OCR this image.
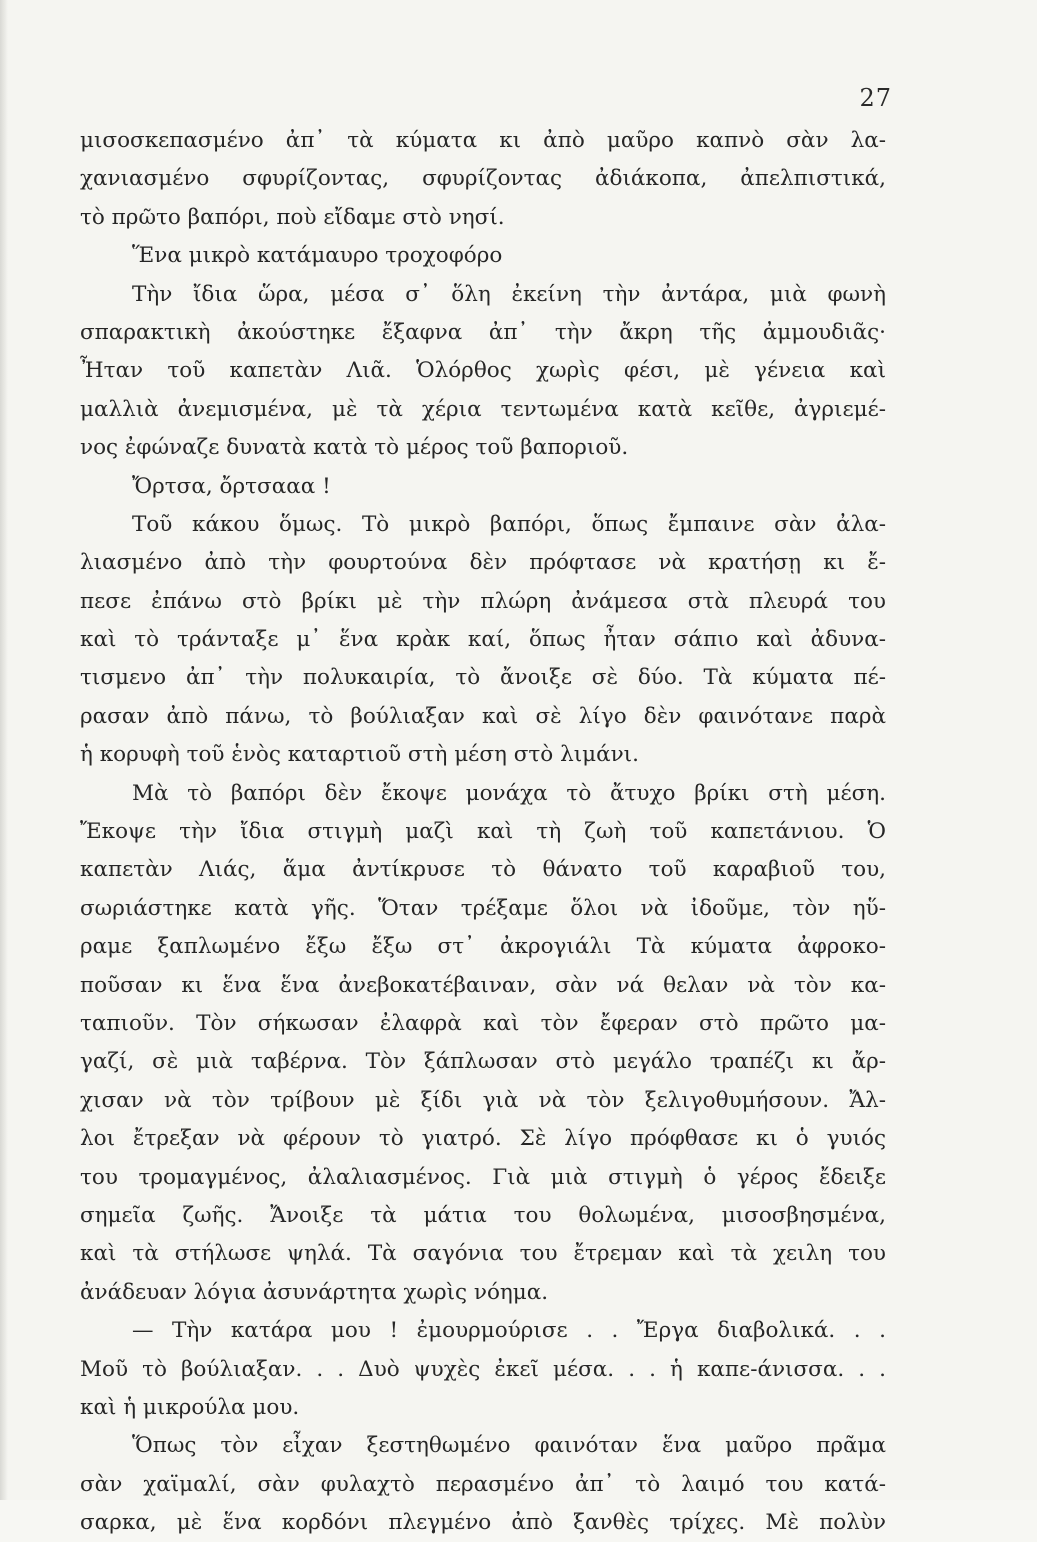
27
μισοσκεπασμένο ἀπ᾽ τὰ κύματα κι ἀπὸ μαῦρο καπνὸ σὰν λα-
χανιασμένο σφυρίζοντας, σφυρίζοντας ἀδιάκοπα, ἀπελπιστικά,
τὸ πρῶτο βαπόρι, ποὺ εἴδαμε στὸ νησί.
Ἕνα μικρὸ κατάμαυρο τροχοφόρο
Τὴν ἴδια ὥρα, μέσα σ᾽ ὅλη ἐκείνη τὴν ἀντάρα, μιὰ φωνὴ
σπαρακτικὴ ἀκούστηκε ἔξαφνα ἀπ᾽ τὴν ἄκρη τῆς ἀμμουδιᾶς·
Ἦταν τοῦ καπετὰν Λιᾶ. Ὁλόρθος χωρὶς φέσι, μὲ γένεια καὶ
μαλλιὰ ἀνεμισμένα, μὲ τὰ χέρια τεντωμένα κατὰ κεῖθε, ἀγριεμέ-
νος ἐφώναζε δυνατὰ κατὰ τὸ μέρος τοῦ βαποριοῦ.
Ὄρτσα, ὄρτσααα !
Τοῦ κάκου ὅμως. Τὸ μικρὸ βαπόρι, ὅπως ἔμπαινε σὰν ἀλα-
λιασμένο ἀπὸ τὴν φουρτούνα δὲν πρόφτασε νὰ κρατήσῃ κι ἔ-
πεσε ἐπάνω στὸ βρίκι μὲ τὴν πλώρη ἀνάμεσα στὰ πλευρά του
καὶ τὸ τράνταξε μ᾽ ἕνα κρὰκ καί, ὅπως ἦταν σάπιο καὶ ἀδυνα-
τισμενο ἀπ᾽ τὴν πολυκαιρία, τὸ ἄνοιξε σὲ δύο. Τὰ κύματα πέ-
ρασαν ἀπὸ πάνω, τὸ βούλιαξαν καὶ σὲ λίγο δὲν φαινότανε παρὰ
ἡ κορυφὴ τοῦ ἑνὸς καταρτιοῦ στὴ μέση στὸ λιμάνι.
Μὰ τὸ βαπόρι δὲν ἔκοψε μονάχα τὸ ἄτυχο βρίκι στὴ μέση.
Ἔκοψε τὴν ἴδια στιγμὴ μαζὶ καὶ τὴ ζωὴ τοῦ καπετάνιου. Ὁ
καπετὰν Λιάς, ἅμα ἀντίκρυσε τὸ θάνατο τοῦ καραβιοῦ του,
σωριάστηκε κατὰ γῆς. Ὅταν τρέξαμε ὅλοι νὰ ἰδοῦμε, τὸν ηὕ-
ραμε ξαπλωμένο ἔξω ἔξω στ᾽ ἀκρογιάλι Τὰ κύματα ἀφροκο-
ποῦσαν κι ἕνα ἕνα ἀνεβοκατέβαιναν, σὰν νά θελαν νὰ τὸν κα-
ταπιοῦν. Τὸν σήκωσαν ἐλαφρὰ καὶ τὸν ἔφεραν στὸ πρῶτο μα-
γαζί, σὲ μιὰ ταβέρνα. Τὸν ξάπλωσαν στὸ μεγάλο τραπέζι κι ἄρ-
χισαν νὰ τὸν τρίβουν μὲ ξίδι γιὰ νὰ τὸν ξελιγοθυμήσουν. Ἄλ-
λοι ἔτρεξαν νὰ φέρουν τὸ γιατρό. Σὲ λίγο πρόφθασε κι ὁ γυιός
του τρομαγμένος, ἀλαλιασμένος. Γιὰ μιὰ στιγμὴ ὁ γέρος ἔδειξε
σημεῖα ζωῆς. Ἄνοιξε τὰ μάτια του θολωμένα, μισοσβησμένα,
καὶ τὰ στήλωσε ψηλά. Τὰ σαγόνια του ἔτρεμαν καὶ τὰ χειλη του
ἀνάδευαν λόγια ἀσυνάρτητα χωρὶς νόημα.
— Τὴν κατάρα μου ! ἐμουρμούρισε . . Ἔργα διαβολικά. . .
Μοῦ τὸ βούλιαξαν. . . Δυὸ ψυχὲς ἐκεῖ μέσα. . . ἡ καπε-άνισσα. . .
καὶ ἡ μικρούλα μου.
Ὅπως τὸν εἶχαν ξεστηθωμένο φαινόταν ἕνα μαῦρο πρᾶμα
σὰν χαϊμαλί, σὰν φυλαχτὸ περασμένο ἀπ᾽ τὸ λαιμό του κατά-
σαρκα, μὲ ἕνα κορδόνι πλεγμένο ἀπὸ ξανθὲς τρίχες. Μὲ πολὺν
